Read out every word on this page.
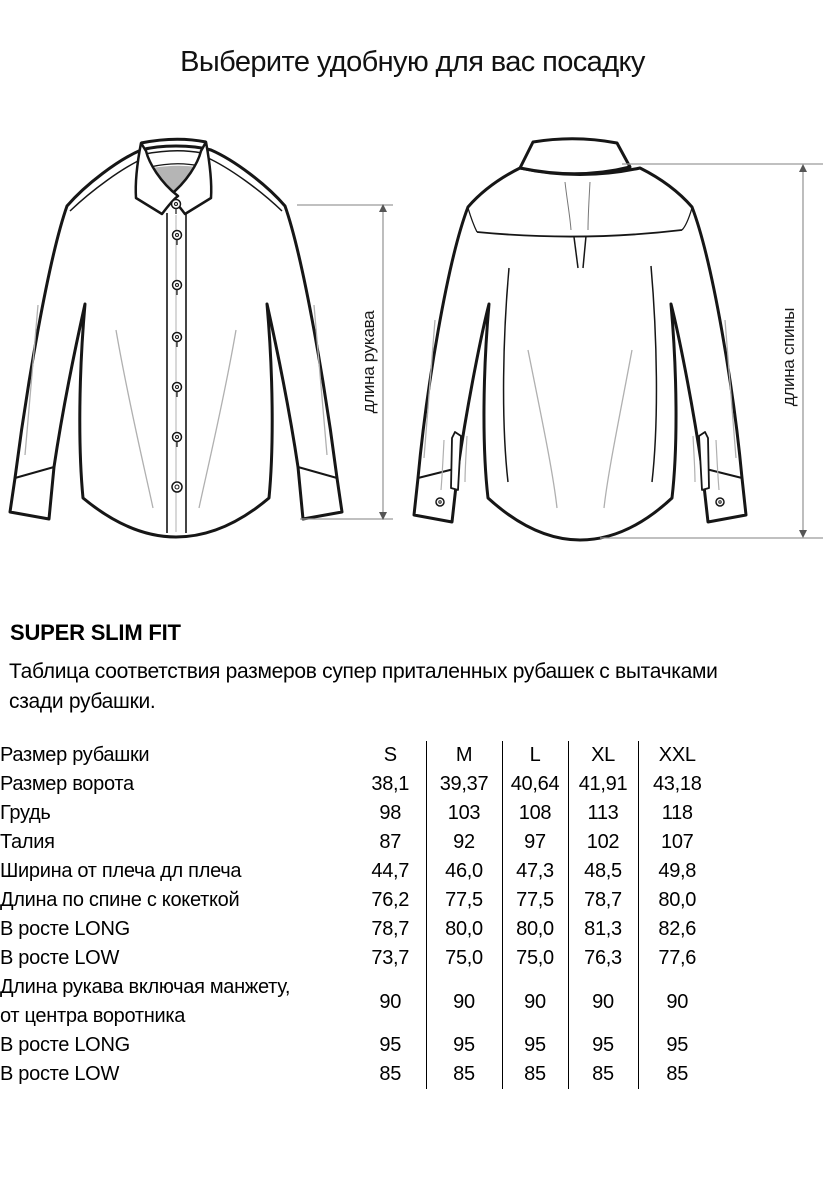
Выберите удобную для вас посадку
длина рукава	длина спины
SUPER SLIM FIT
Таблица соответствия размеров супер приталенных рубашек с вытачками
сзади рубашки.
Размер рубашки	S	M	L	XL	XXL
Размер ворота	38,1	39,37	40,64	41,91	43,18
Грудь	98	103	108	113	118
Талия	87	92	97	102	107
Ширина от плеча дл плеча	44,7	46,0	47,3	48,5	49,8
Длина по спине с кокеткой	76,2	77,5	77,5	78,7	80,0
В росте LONG	78,7	80,0	80,0	81,3	82,6
В росте LOW	73,7	75,0	75,0	76,3	77,6

Длина рукава включая манжету,
от центра воротника	90	90	90	90	90
В росте LONG	95	95	95	95	95
В росте LOW	85	85	85	85	85
